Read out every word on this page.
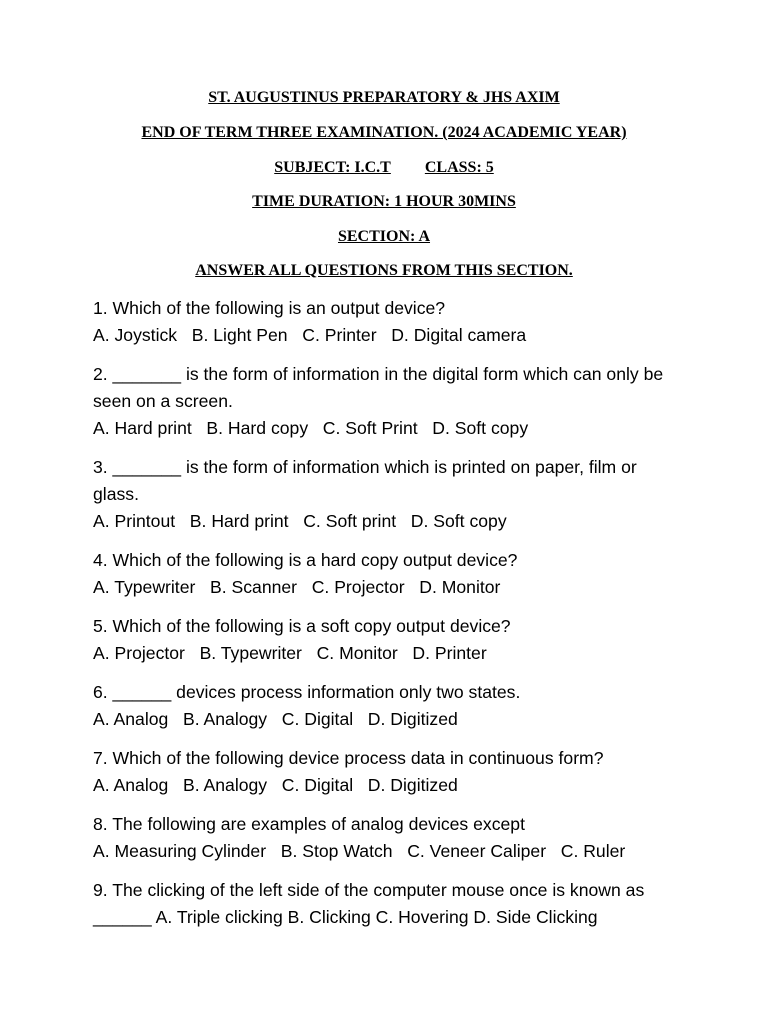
ST. AUGUSTINUS PREPARATORY & JHS AXIM
END OF TERM THREE EXAMINATION. (2024 ACADEMIC YEAR)
SUBJECT: I.C.T CLASS: 5
TIME DURATION: 1 HOUR 30MINS
SECTION: A
ANSWER ALL QUESTIONS FROM THIS SECTION.
1. Which of the following is an output device?
A. Joystick   B. Light Pen   C. Printer   D. Digital camera
2. _______ is the form of information in the digital form which can only be seen on a screen.
A. Hard print   B. Hard copy   C. Soft Print   D. Soft copy
3. _______ is the form of information which is printed on paper, film or glass.
A. Printout   B. Hard print   C. Soft print   D. Soft copy
4. Which of the following is a hard copy output device?
A. Typewriter   B. Scanner   C. Projector   D. Monitor
5. Which of the following is a soft copy output device?
A. Projector   B. Typewriter   C. Monitor   D. Printer
6. ______ devices process information only two states.
A. Analog   B. Analogy   C. Digital   D. Digitized
7. Which of the following device process data in continuous form?
A. Analog   B. Analogy   C. Digital   D. Digitized
8. The following are examples of analog devices except
A. Measuring Cylinder   B. Stop Watch   C. Veneer Caliper   C. Ruler
9. The clicking of the left side of the computer mouse once is known as ______ A. Triple clicking B. Clicking C. Hovering D. Side Clicking
